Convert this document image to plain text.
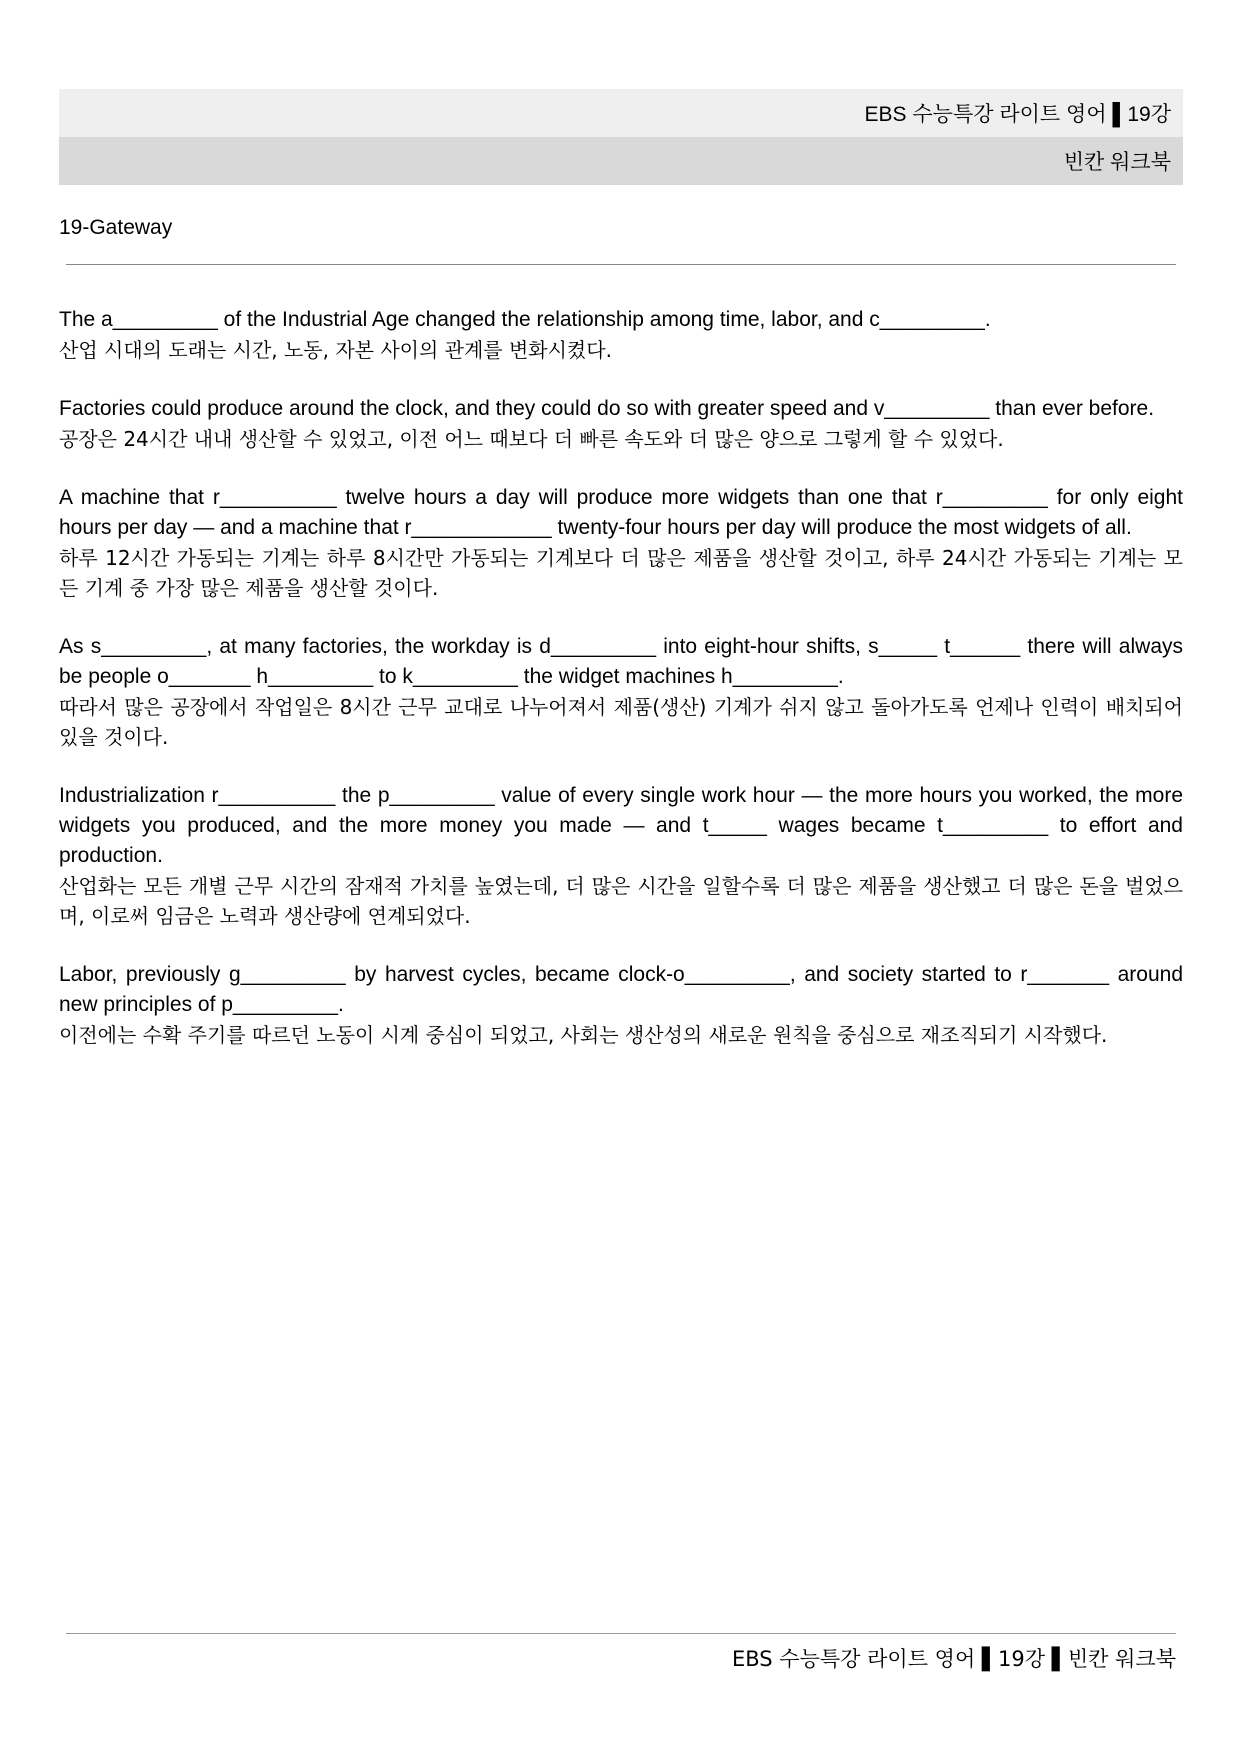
EBS 수능특강 라이트 영어 ▌19강
빈칸 워크북
19-Gateway
The a_________ of the Industrial Age changed the relationship among time, labor, and c_________.
산업 시대의 도래는 시간, 노동, 자본 사이의 관계를 변화시켰다.
Factories could produce around the clock, and they could do so with greater speed and v_________ than ever before.
공장은 24시간 내내 생산할 수 있었고, 이전 어느 때보다 더 빠른 속도와 더 많은 양으로 그렇게 할 수 있었다.
A machine that r__________ twelve hours a day will produce more widgets than one that r_________ for only eight hours per day — and a machine that r____________ twenty-four hours per day will produce the most widgets of all.
하루 12시간 가동되는 기계는 하루 8시간만 가동되는 기계보다 더 많은 제품을 생산할 것이고, 하루 24시간 가동되는 기계는 모든 기계 중 가장 많은 제품을 생산할 것이다.
As s_________, at many factories, the workday is d_________ into eight-hour shifts, s_____ t______ there will always be people o_______ h_________ to k_________ the widget machines h_________.
따라서 많은 공장에서 작업일은 8시간 근무 교대로 나누어져서 제품(생산) 기계가 쉬지 않고 돌아가도록 언제나 인력이 배치되어 있을 것이다.
Industrialization r__________ the p_________ value of every single work hour — the more hours you worked, the more widgets you produced, and the more money you made — and t_____ wages became t_________ to effort and production.
산업화는 모든 개별 근무 시간의 잠재적 가치를 높였는데, 더 많은 시간을 일할수록 더 많은 제품을 생산했고 더 많은 돈을 벌었으며, 이로써 임금은 노력과 생산량에 연계되었다.
Labor, previously g_________ by harvest cycles, became clock-o_________, and society started to r_______ around new principles of p_________.
이전에는 수확 주기를 따르던 노동이 시계 중심이 되었고, 사회는 생산성의 새로운 원칙을 중심으로 재조직되기 시작했다.
EBS 수능특강 라이트 영어 ▌19강 ▌빈칸 워크북
